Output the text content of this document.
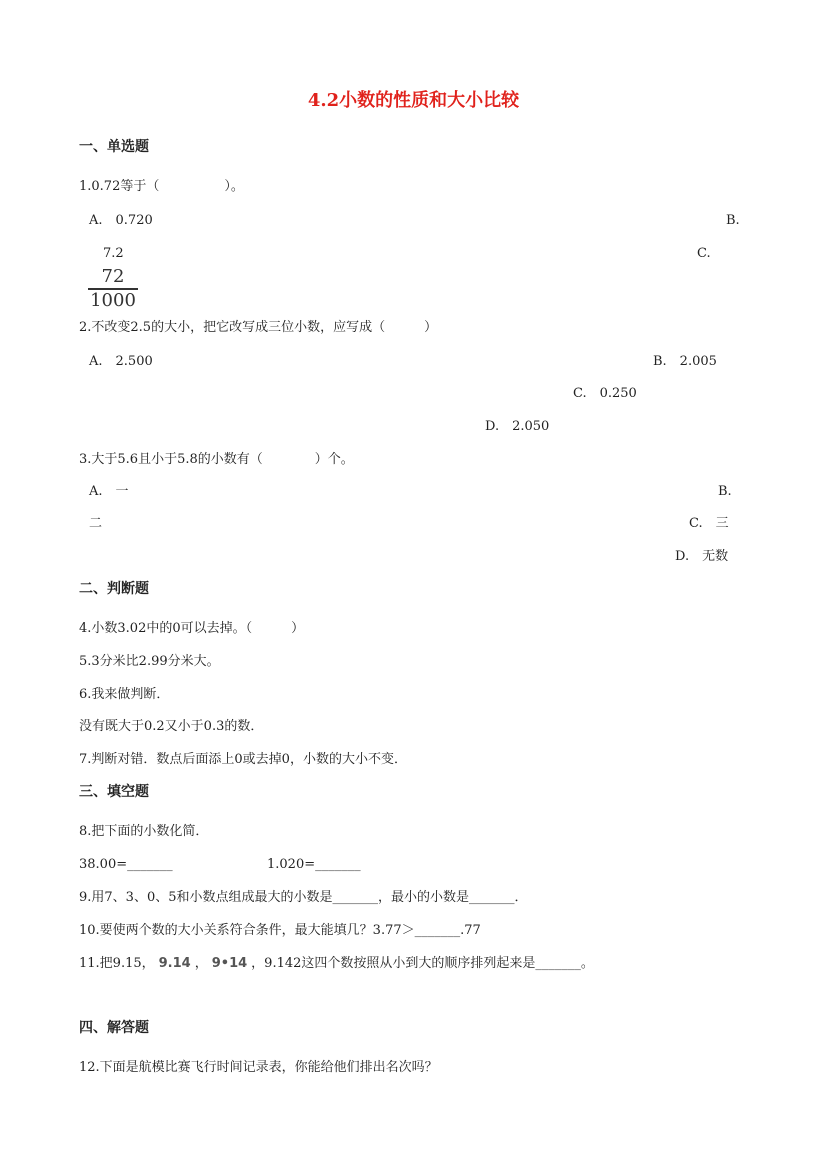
4.2小数的性质和大小比较
一、单选题
1.0.72等于（　　　　　）。
A.　0.720	B.
7.2	C.
72
1000
2.不改变2.5的大小，把它改写成三位小数，应写成（　　　）
A.　2.500	B.　2.005
C.　0.250
D.　2.050
3.大于5.6且小于5.8的小数有（　　　　）个。
A.　一	B.
二	C.　三
D.　无数
二、判断题
4.小数3.02中的0可以去掉。（　　　）
5.3分米比2.99分米大。
6.我来做判断．
没有既大于0.2又小于0.3的数．
7.判断对错．数点后面添上0或去掉0，小数的大小不变．
三、填空题
8.把下面的小数化简．
38.00=_______	1.020=_______
9.用7、3、0、5和小数点组成最大的小数是_______，最小的小数是_______．
10.要使两个数的大小关系符合条件，最大能填几？3.77＞_______.77
11.把9.15， 9.14 ， 9•14 ，9.142这四个数按照从小到大的顺序排列起来是_______。
四、解答题
12.下面是航模比赛飞行时间记录表，你能给他们排出名次吗？
